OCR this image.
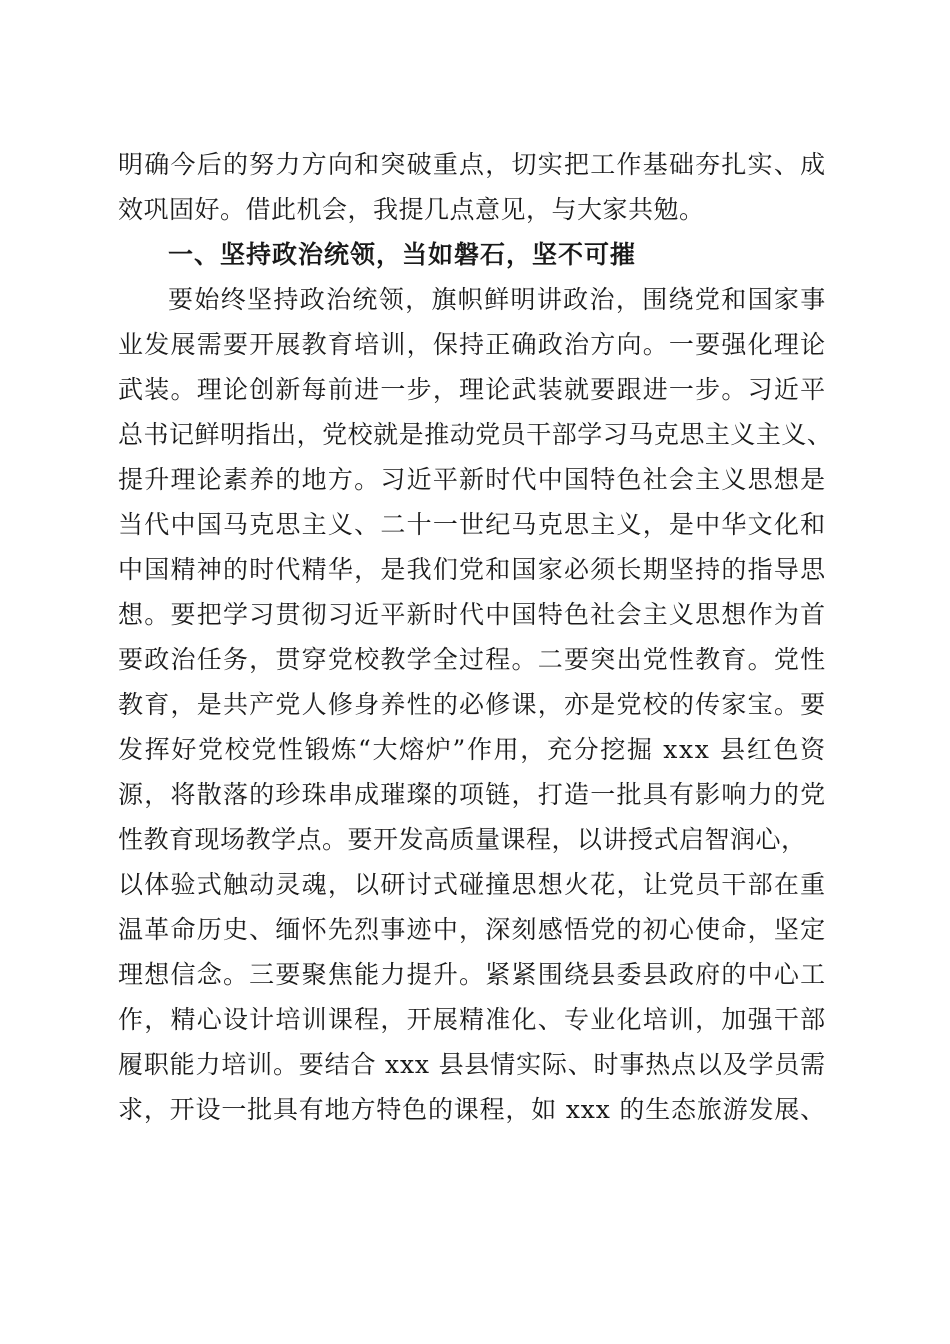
明 确 今 后 的 努 力 方 向 和 突 破 重 点 ， 切 实 把 工 作 基 础 夯 扎 实 、 成
效巩固好。借此机会，我提几点意见，与大家共勉。
一、坚持政治统领，当如磐石，坚不可摧
要 始 终 坚 持 政 治 统 领 ， 旗 帜 鲜 明 讲 政 治 ， 围 绕 党 和 国 家 事
业 发 展 需 要 开 展 教 育 培 训 ， 保 持 正 确 政 治 方 向 。 一 要 强 化 理 论
武 装 。 理 论 创 新 每 前 进 一 步 ， 理 论 武 装 就 要 跟 进 一 步 。 习 近 平
总 书 记 鲜 明 指 出 ， 党 校 就 是 推 动 党 员 干 部 学 习 马 克 思 主 义 主 义 、
提 升 理 论 素 养 的 地 方 。 习 近 平 新 时 代 中 国 特 色 社 会 主 义 思 想 是
当 代 中 国 马 克 思 主 义 、 二 十 一 世 纪 马 克 思 主 义 ， 是 中 华 文 化 和
中 国 精 神 的 时 代 精 华 ， 是 我 们 党 和 国 家 必 须 长 期 坚 持 的 指 导 思
想 。 要 把 学 习 贯 彻 习 近 平 新 时 代 中 国 特 色 社 会 主 义 思 想 作 为 首
要 政 治 任 务 ， 贯 穿 党 校 教 学 全 过 程 。 二 要 突 出 党 性 教 育 。 党 性
教 育 ， 是 共 产 党 人 修 身 养 性 的 必 修 课 ， 亦 是 党 校 的 传 家 宝 。 要
发 挥 好 党 校 党 性 锻 炼 “ 大 熔 炉 ” 作 用 ， 充 分 挖 掘
x x x
县 红 色 资
源 ， 将 散 落 的 珍 珠 串 成 璀 璨 的 项 链 ， 打 造 一 批 具 有 影 响 力 的 党
性教育现场教学点。要开发高质量课程，以讲授式启智润心，
以 体 验 式 触 动 灵 魂 ， 以 研 讨 式 碰 撞 思 想 火 花 ， 让 党 员 干 部 在 重
温 革 命 历 史 、 缅 怀 先 烈 事 迹 中 ， 深 刻 感 悟 党 的 初 心 使 命 ， 坚 定
理 想 信 念 。 三 要 聚 焦 能 力 提 升 。 紧 紧 围 绕 县 委 县 政 府 的 中 心 工
作 ， 精 心 设 计 培 训 课 程 ， 开 展 精 准 化 、 专 业 化 培 训 ， 加 强 干 部
履 职 能 力 培 训 。 要 结 合
x x x
县 县 情 实 际 、 时 事 热 点 以 及 学 员 需
求 ， 开 设 一 批 具 有 地 方 特 色 的 课 程 ， 如
x x x
的 生 态 旅 游 发 展 、
